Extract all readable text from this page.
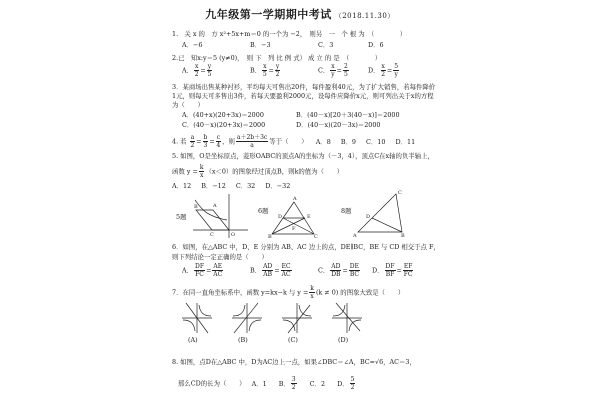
九年级第一学期期中考试 （2018.11.30）
1.　关 x 的　方 x²+5x+m＝0 的一个为 −2，　则另　一　个 根 为　（　　　　）
A．−6	B．−3	C．3	D．6
2.已　知x:y＝5 (y≠0)，　则 下　列 比 例 式） 成 立 的 是　（　　　　）
A． $\frac{x}{2} = \frac{y}{5}$	B． $\frac{x}{5} = \frac{y}{2}$	C． $\frac{x}{y} = \frac{2}{5}$	D． $\frac{x}{2} = \frac{5}{y}$
3．某商场出售某种衬衫，平均每天可售出20件，每件盈利40元，为了扩大销售，若每件降价
1元，则每天可多售出3件，若每天要盈利2000元，设每件应降价x元，则可列出关于x的方程
为（　　）
A．(40+x)(20+3x)＝2000	B．(40－x)[20＋3(40－x)]＝2000
C．(40－x)(20+3x)＝2000	D．(40－x)(20－3x)＝2000
4. 若 $\frac{a}{2} = \frac{b}{3} = \frac{c}{4}$ ，则 $\frac{a+2b+3c}{a}$ 等于（　　） A．8 B．9 C．10 D．11
5. 如图，O是坐标原点，菱形OABC的顶点A的坐标为（－3，4），顶点C在x轴的负半轴上，
函数 $y = \frac{k}{x} (x<0)$的图象经过顶点B，则k的值为（　　）
A．12 B．−12 C．32 D．−32
5题
O
A
B
C
6题
A
D	E
F
B	C
8题
C
D
A	B
6．如图，在△ABC 中，D、E 分别为 AB、AC 边上的点，DE∥BC，BE 与 CD 相交于点 F，
则下列结论一定正确的是（　　）
A． $\frac{DF}{FC} = \frac{AE}{AC}$	B． $\frac{AD}{AB} = \frac{EC}{AC}$	C． $\frac{AD}{DB} = \frac{DE}{BC}$ D． $\frac{DF}{BF} = \frac{EF}{FC}$
7．在同一直角坐标系中，函数 y=kx−k 与 $y = \frac{k}{x} (k \ne 0)$ 的图象大致是（　　）
(A)	(B)	(C)	(D)
8. 如图，点D在△ABC 中，D为AC边上一点，如果∠DBC＝∠A，BC=√6，AC＝3，
那么CD的长为（　　） A．1 B． $\frac{3}{2}$ C．2 D． $\frac{5}{2}$
